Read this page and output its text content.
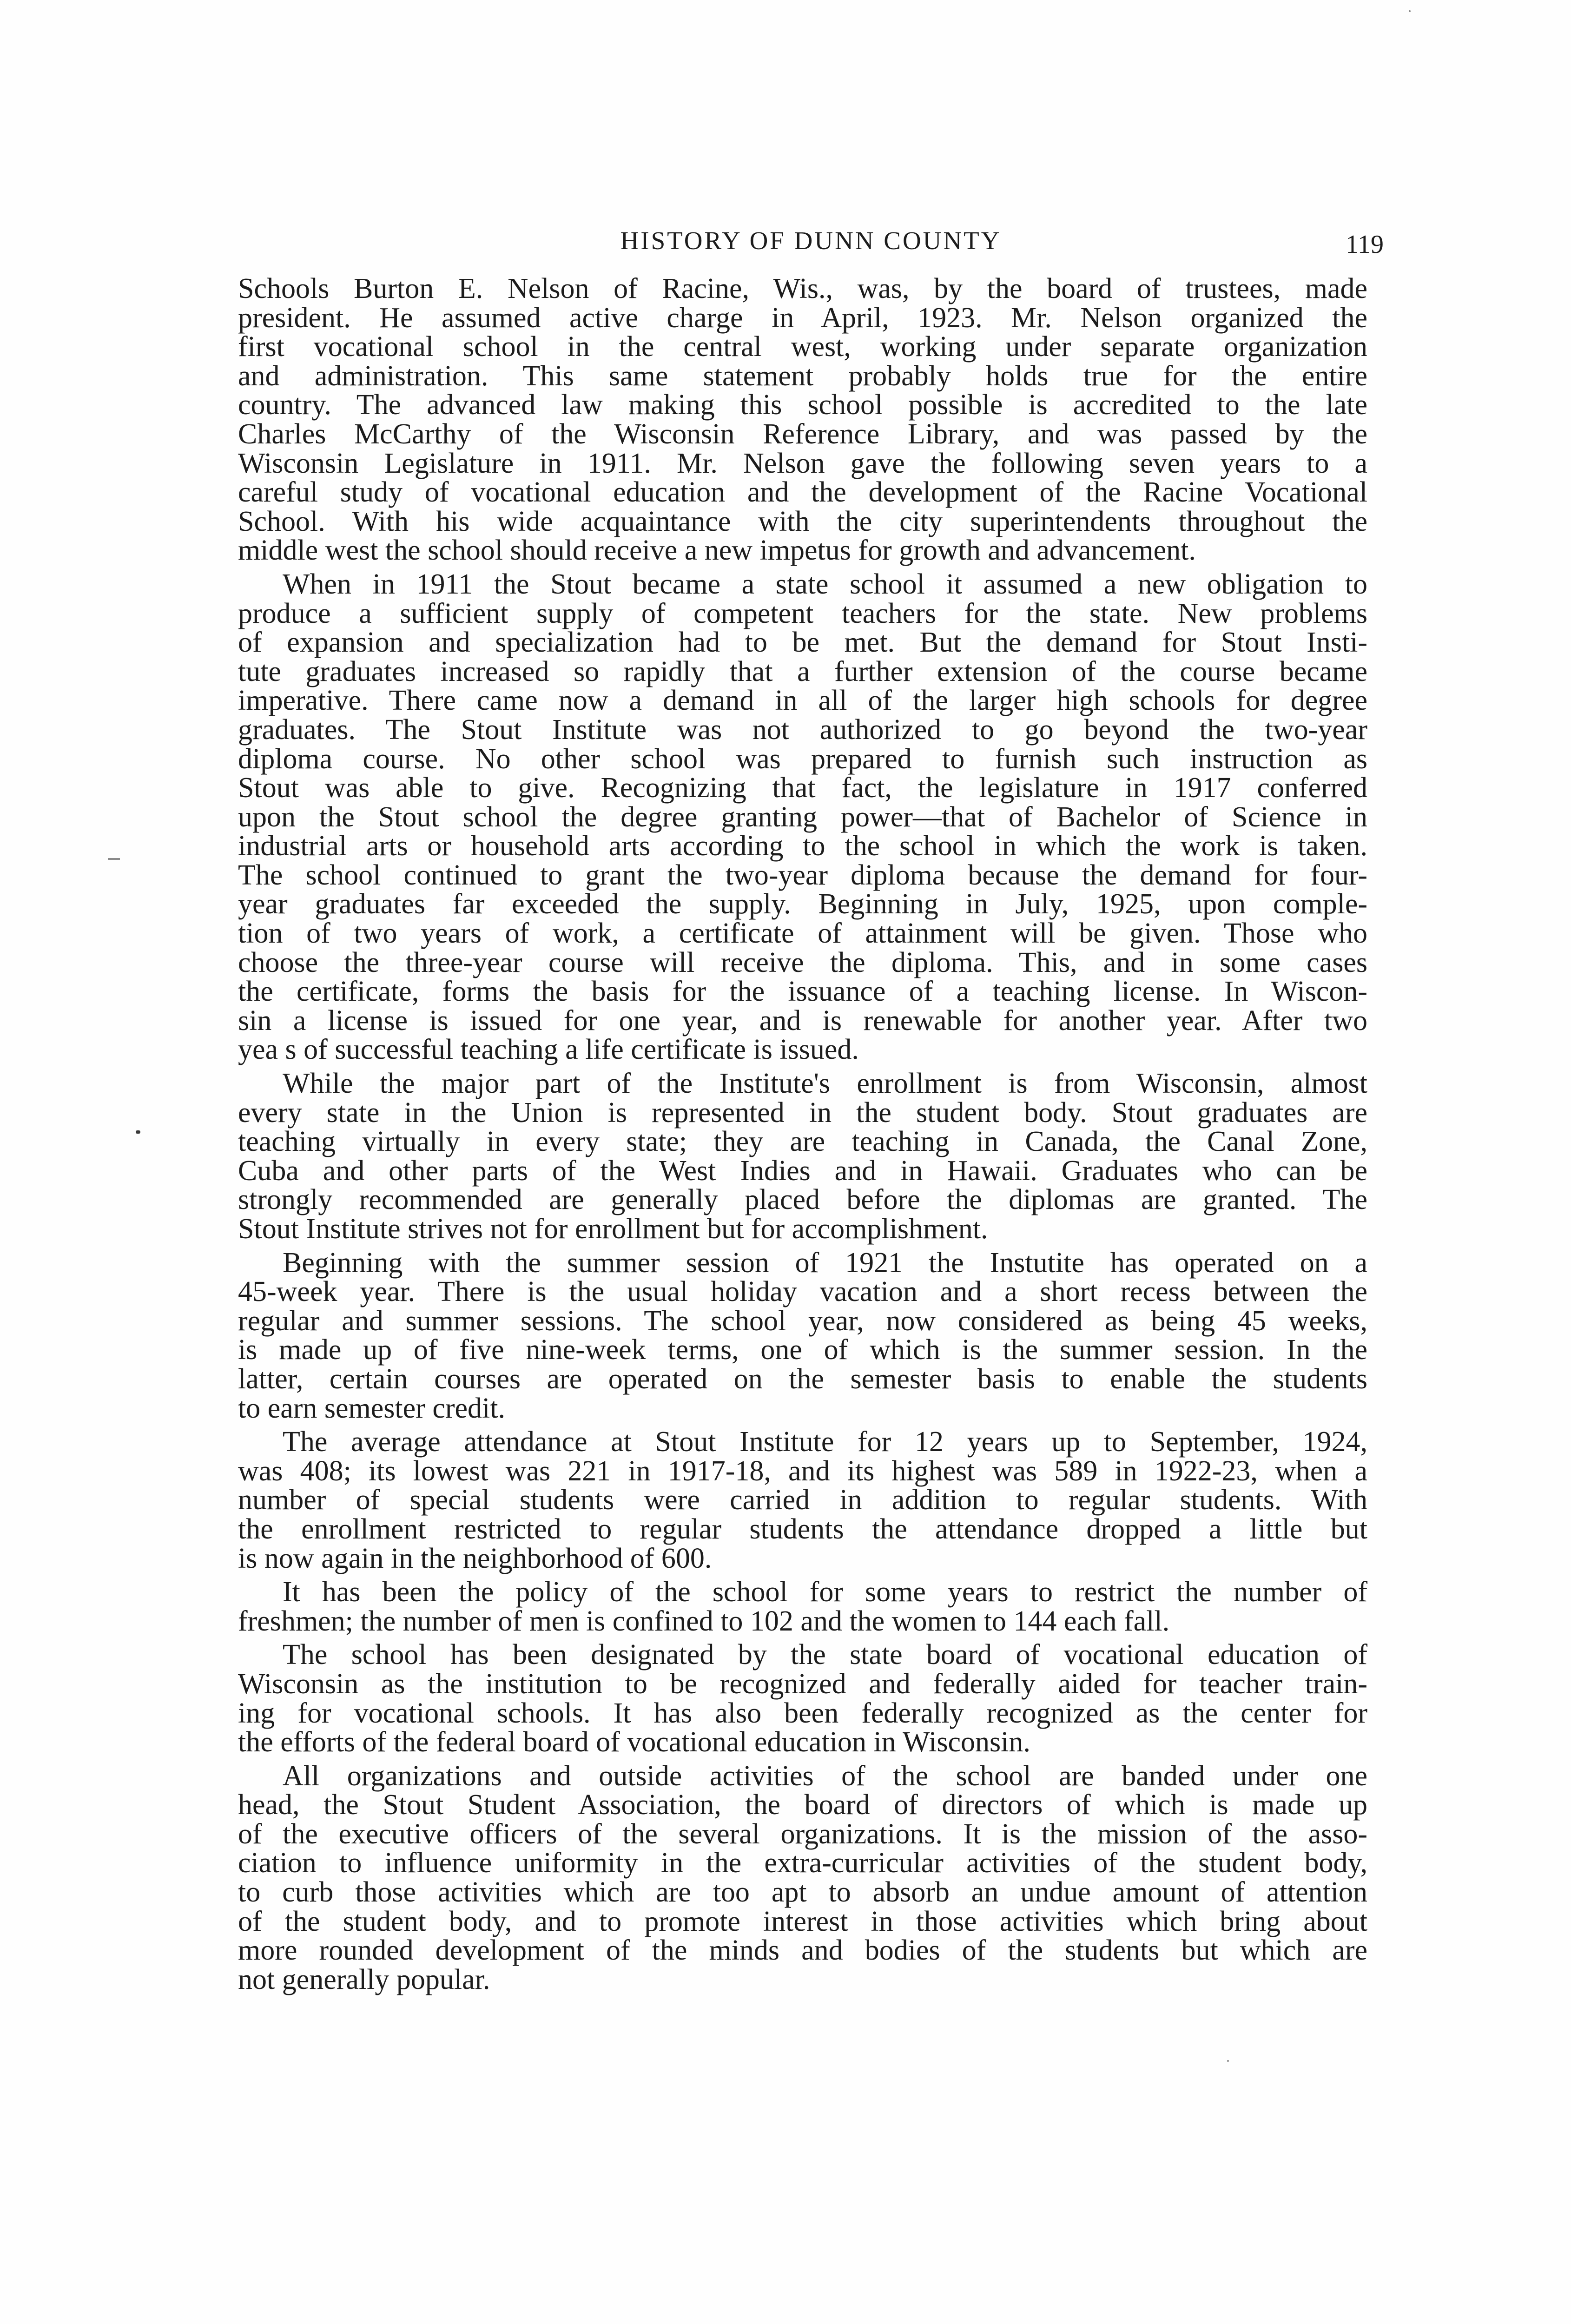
HISTORY OF DUNN COUNTY	119
Schools Burton E. Nelson of Racine, Wis., was, by the board of trustees, made
president. He assumed active charge in April, 1923. Mr. Nelson organized the
first vocational school in the central west, working under separate organization
and administration. This same statement probably holds true for the entire
country. The advanced law making this school possible is accredited to the late
Charles McCarthy of the Wisconsin Reference Library, and was passed by the
Wisconsin Legislature in 1911. Mr. Nelson gave the following seven years to a
careful study of vocational education and the development of the Racine Vocational
School. With his wide acquaintance with the city superintendents throughout the
middle west the school should receive a new impetus for growth and advancement.
When in 1911 the Stout became a state school it assumed a new obligation to
produce a sufficient supply of competent teachers for the state. New problems
of expansion and specialization had to be met. But the demand for Stout Insti-
tute graduates increased so rapidly that a further extension of the course became
imperative. There came now a demand in all of the larger high schools for degree
graduates. The Stout Institute was not authorized to go beyond the two-year
diploma course. No other school was prepared to furnish such instruction as
Stout was able to give. Recognizing that fact, the legislature in 1917 conferred
upon the Stout school the degree granting power—that of Bachelor of Science in
industrial arts or household arts according to the school in which the work is taken.
The school continued to grant the two-year diploma because the demand for four-
year graduates far exceeded the supply. Beginning in July, 1925, upon comple-
tion of two years of work, a certificate of attainment will be given. Those who
choose the three-year course will receive the diploma. This, and in some cases
the certificate, forms the basis for the issuance of a teaching license. In Wiscon-
sin a license is issued for one year, and is renewable for another year. After two
yea s of successful teaching a life certificate is issued.
While the major part of the Institute's enrollment is from Wisconsin, almost
every state in the Union is represented in the student body. Stout graduates are
teaching virtually in every state; they are teaching in Canada, the Canal Zone,
Cuba and other parts of the West Indies and in Hawaii. Graduates who can be
strongly recommended are generally placed before the diplomas are granted. The
Stout Institute strives not for enrollment but for accomplishment.
Beginning with the summer session of 1921 the Instutite has operated on a
45-week year. There is the usual holiday vacation and a short recess between the
regular and summer sessions. The school year, now considered as being 45 weeks,
is made up of five nine-week terms, one of which is the summer session. In the
latter, certain courses are operated on the semester basis to enable the students
to earn semester credit.
The average attendance at Stout Institute for 12 years up to September, 1924,
was 408; its lowest was 221 in 1917-18, and its highest was 589 in 1922-23, when a
number of special students were carried in addition to regular students. With
the enrollment restricted to regular students the attendance dropped a little but
is now again in the neighborhood of 600.
It has been the policy of the school for some years to restrict the number of
freshmen; the number of men is confined to 102 and the women to 144 each fall.
The school has been designated by the state board of vocational education of
Wisconsin as the institution to be recognized and federally aided for teacher train-
ing for vocational schools. It has also been federally recognized as the center for
the efforts of the federal board of vocational education in Wisconsin.
All organizations and outside activities of the school are banded under one
head, the Stout Student Association, the board of directors of which is made up
of the executive officers of the several organizations. It is the mission of the asso-
ciation to influence uniformity in the extra-curricular activities of the student body,
to curb those activities which are too apt to absorb an undue amount of attention
of the student body, and to promote interest in those activities which bring about
more rounded development of the minds and bodies of the students but which are
not generally popular.
